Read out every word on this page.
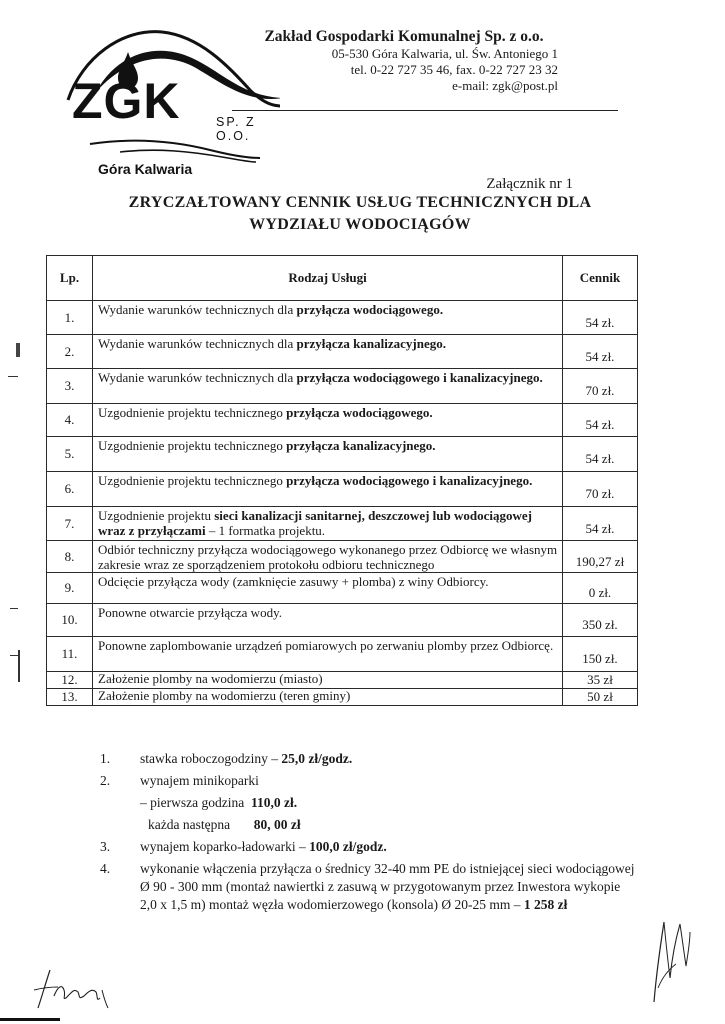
ZGK	SP. Z O.O.
Góra Kalwaria
Zakład Gospodarki Komunalnej Sp. z o.o.
05-530 Góra Kalwaria, ul. Św. Antoniego 1
tel. 0-22 727 35 46, fax. 0-22 727 23 32
e-mail: zgk@post.pl
Załącznik nr 1
ZRYCZAŁTOWANY CENNIK USŁUG TECHNICZNYCH DLA
WYDZIAŁU WODOCIĄGÓW
Lp.	Rodzaj Usługi	Cennik
1.	Wydanie warunków technicznych dla przyłącza wodociągowego.	54 zł.
2.	Wydanie warunków technicznych dla przyłącza kanalizacyjnego.	54 zł.
3.	Wydanie warunków technicznych dla przyłącza wodociągowego i kanalizacyjnego.	70 zł.
4.	Uzgodnienie projektu technicznego przyłącza wodociągowego.	54 zł.
5.	Uzgodnienie projektu technicznego przyłącza kanalizacyjnego.	54 zł.
6.	Uzgodnienie projektu technicznego przyłącza wodociągowego i kanalizacyjnego.	70 zł.
7.	Uzgodnienie projektu sieci kanalizacji sanitarnej, deszczowej lub wodociągowej wraz z przyłączami – 1 formatka projektu.	54 zł.
8.	Odbiór techniczny przyłącza wodociągowego wykonanego przez Odbiorcę we własnym zakresie wraz ze sporządzeniem protokołu odbioru technicznego	190,27 zł
9.	Odcięcie przyłącza wody (zamknięcie zasuwy + plomba) z winy Odbiorcy.	0 zł.
10.	Ponowne otwarcie przyłącza wody.	350 zł.
11.	Ponowne zaplombowanie urządzeń pomiarowych po zerwaniu plomby przez Odbiorcę.	150 zł.
12.	Założenie plomby na wodomierzu (miasto)	35 zł
13.	Założenie plomby na wodomierzu (teren gminy)	50 zł
1.	stawka roboczogodziny – 25,0 zł/godz.
2.	wynajem minikoparki
– pierwsza godzina 110,0 zł.
każda następna 80, 00 zł
3.	wynajem koparko-ładowarki – 100,0 zł/godz.
4.	wykonanie włączenia przyłącza o średnicy 32-40 mm PE do istniejącej sieci wodociągowej Ø 90 - 300 mm (montaż nawiertki z zasuwą w przygotowanym przez Inwestora wykopie 2,0 x 1,5 m) montaż węzła wodomierzowego (konsola) Ø 20-25 mm – 1 258 zł
